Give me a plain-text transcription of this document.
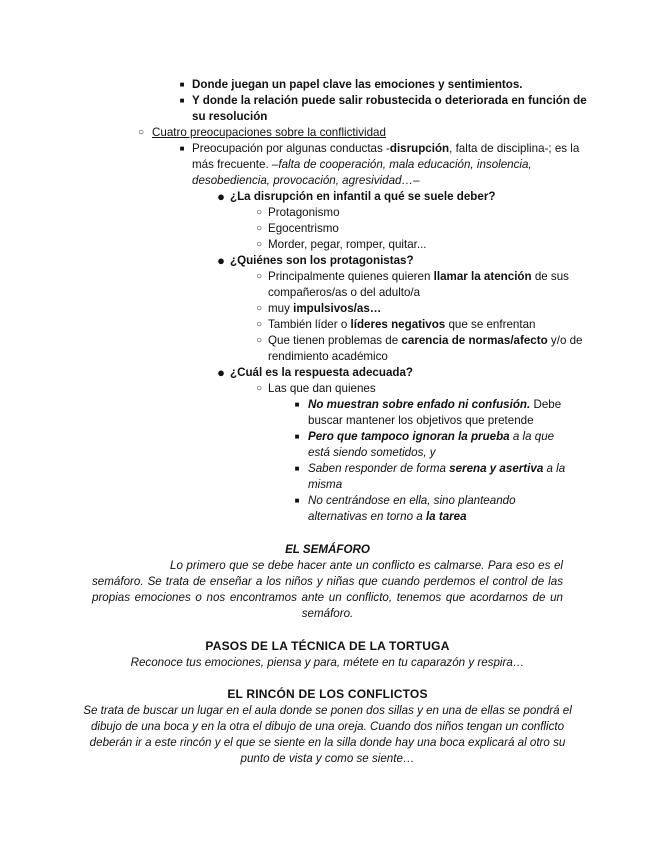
■ Donde juegan un papel clave las emociones y sentimientos.
■ Y donde la relación puede salir robustecida o deteriorada en función de su resolución
○ Cuatro preocupaciones sobre la conflictividad
■ Preocupación por algunas conductas -disrupción, falta de disciplina-; es la más frecuente. –falta de cooperación, mala educación, insolencia, desobediencia, provocación, agresividad…–
● ¿La disrupción en infantil a qué se suele deber?
○ Protagonismo
○ Egocentrismo
○ Morder, pegar, romper, quitar...
● ¿Quiénes son los protagonistas?
○ Principalmente quienes quieren llamar la atención de sus compañeros/as o del adulto/a
○ muy impulsivos/as…
○ También líder o líderes negativos que se enfrentan
○ Que tienen problemas de carencia de normas/afecto y/o de rendimiento académico
● ¿Cuál es la respuesta adecuada?
○ Las que dan quienes
■ No muestran sobre enfado ni confusión. Debe buscar mantener los objetivos que pretende
■ Pero que tampoco ignoran la prueba a la que está siendo sometidos, y
■ Saben responder de forma serena y asertiva a la misma
■ No centrándose en ella, sino planteando alternativas en torno a la tarea
EL SEMÁFORO
Lo primero que se debe hacer ante un conflicto es calmarse. Para eso es el semáforo. Se trata de enseñar a los niños y niñas que cuando perdemos el control de las propias emociones o nos encontramos ante un conflicto, tenemos que acordarnos de un semáforo.
PASOS DE LA TÉCNICA DE LA TORTUGA
Reconoce tus emociones, piensa y para, métete en tu caparazón y respira…
EL RINCÓN DE LOS CONFLICTOS
Se trata de buscar un lugar en el aula donde se ponen dos sillas y en una de ellas se pondrá el dibujo de una boca y en la otra el dibujo de una oreja. Cuando dos niños tengan un conflicto deberán ir a este rincón y el que se siente en la silla donde hay una boca explicará al otro su punto de vista y como se siente…
